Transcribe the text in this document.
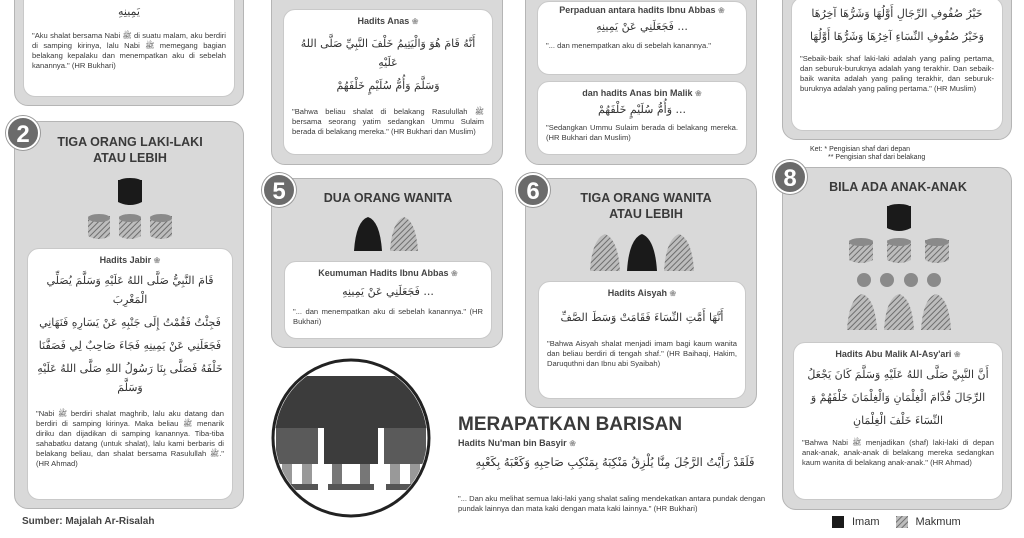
يَمِينِهِ
"Aku shalat bersama Nabi ﷺ di suatu malam, aku berdiri di samping kirinya, lalu Nabi ﷺ memegang bagian belakang kepalaku dan menempatkan aku di sebelah kanannya." (HR Bukhari)
TIGA ORANG LAKI-LAKI ATAU LEBIH
Hadits Jabir ❀
قَامَ النَّبِيُّ صَلَّى اللهُ عَلَيْهِ وَسَلَّمَ يُصَلِّي الْمَغْرِبَ
فَجِئْتُ فَقُمْتُ إِلَى جَنْبِهِ عَنْ يَسَارِهِ فَنَهَانِي
فَجَعَلَنِي عَنْ يَمِينِهِ فَجَاءَ صَاحِبٌ لِي فَصَفَّنَا
خَلْفَهُ فَصَلَّى بِنَا رَسُولُ اللهِ صَلَّى اللهُ عَلَيْهِ وَسَلَّمَ
"Nabi ﷺ berdiri shalat maghrib, lalu aku datang dan berdiri di samping kirinya. Maka beliau ﷺ menarik diriku dan dijadikan di samping kanannya. Tiba-tiba sahabatku datang (untuk shalat), lalu kami berbaris di belakang beliau, dan shalat bersama Rasulullah ﷺ." (HR Ahmad)
2
Sumber: Majalah Ar-Risalah
Hadits Anas ❀
أَنَّهُ قَامَ هُوَ وَالْيَتِيمُ خَلْفَ النَّبِيِّ صَلَّى اللهُ عَلَيْهِ
وَسَلَّمَ وَأُمُّ سُلَيْمٍ خَلْفَهُمْ
"Bahwa beliau shalat di belakang Rasulullah ﷺ bersama seorang yatim sedangkan Ummu Sulaim berada di belakang mereka." (HR Bukhari dan Muslim)
DUA ORANG WANITA
Keumuman Hadits Ibnu Abbas ❀
... فَجَعَلَنِي عَنْ يَمِينِهِ
"... dan menempatkan aku di sebelah kanannya." (HR Bukhari)
5
MERAPATKAN BARISAN
Hadits Nu'man bin Basyir ❀
فَلَقَدْ رَأَيْتُ الرَّجُلَ مِنَّا يُلْزِقُ مَنْكِبَهُ بِمَنْكِبِ صَاحِبِهِ وَكَعْبَهُ بِكَعْبِهِ
"... Dan aku melihat semua laki-laki yang shalat saling mendekatkan antara pundak dengan pundak lainnya dan mata kaki dengan mata kaki lainnya." (HR Bukhari)
Perpaduan antara hadits Ibnu Abbas ❀
... فَجَعَلَنِي عَنْ يَمِينِهِ
"... dan menempatkan aku di sebelah kanannya."
dan hadits Anas bin Malik ❀
... وَأُمُّ سُلَيْمٍ خَلْفَهُمْ
"Sedangkan Ummu Sulaim berada di belakang mereka. (HR Bukhari dan Muslim)
TIGA ORANG WANITA ATAU LEBIH
Hadits Aisyah ❀
أَنَّهَا أَمَّتِ النِّسَاءَ فَقَامَتْ وَسَطَ الصَّفِّ
"Bahwa Aisyah shalat menjadi imam bagi kaum wanita dan beliau berdiri di tengah shaf." (HR Baihaqi, Hakim, Daruquthni dan Ibnu abi Syaibah)
6
خَيْرُ صُفُوفِ الرِّجَالِ أَوَّلُهَا وَشَرُّهَا آخِرُهَا
وَخَيْرُ صُفُوفِ النِّسَاءِ آخِرُهَا وَشَرُّهَا أَوَّلُهَا
"Sebaik-baik shaf laki-laki adalah yang paling pertama, dan seburuk-buruknya adalah yang terakhir. Dan sebaik-baik wanita adalah yang paling terakhir, dan seburuk-buruknya adalah yang paling pertama." (HR Muslim)
Ket: * Pengisian shaf dari depan
** Pengisian shaf dari belakang
BILA ADA ANAK-ANAK
Hadits Abu Malik Al-Asy'ari ❀
أَنَّ النَّبِيَّ صَلَّى اللهُ عَلَيْهِ وَسَلَّمَ كَانَ يَجْعَلُ
الرِّجَالَ قُدَّامَ الْغِلْمَانِ وَالْغِلْمَانَ خَلْفَهُمْ وَ
النِّسَاءَ خَلْفَ الْغِلْمَانِ
"Bahwa Nabi ﷺ menjadikan (shaf) laki-laki di depan anak-anak, anak-anak di belakang mereka sedangkan kaum wanita di belakang anak-anak." (HR Ahmad)
8
Imam	Makmum
